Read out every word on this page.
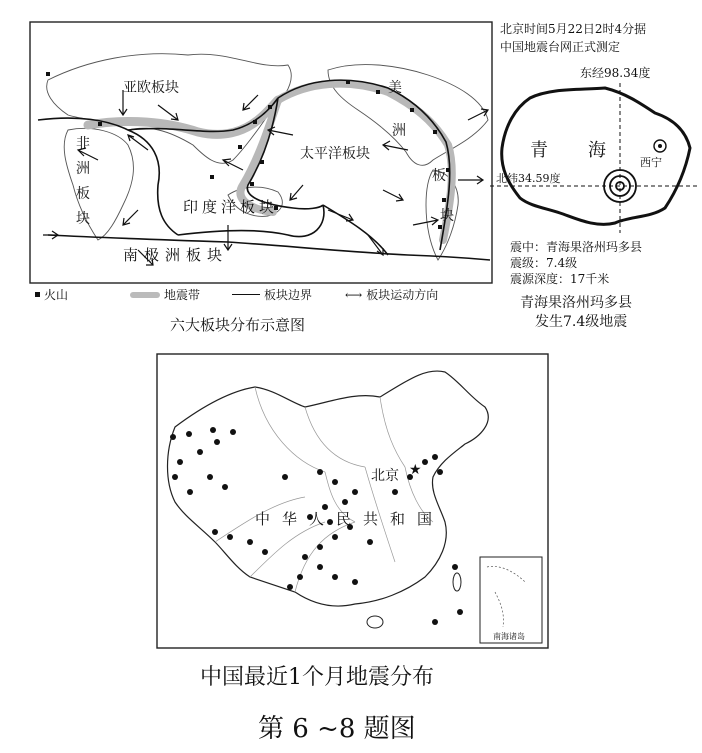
亚欧板块
非
洲
板
块
美
洲
板
块
太平洋板块
印度洋板块
南极洲板块
火山	地震带	板块边界	⟷ 板块运动方向
六大板块分布示意图
北京时间5月22日2时4分据
中国地震台网正式测定
东经98.34度
青 海
西宁
北纬34.59度
震中：青海果洛州玛多县
震级：7.4级
震源深度：17千米
青海果洛州玛多县
发生7.4级地震
★
北京
中 华 人 民 共 和 国
南海诸岛
中国最近1个月地震分布
第 6 ~8 题图
